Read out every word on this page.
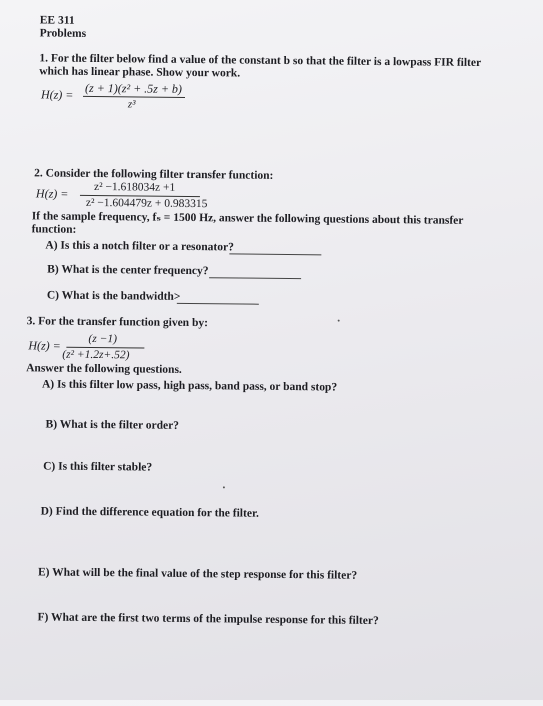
EE 311
Problems
1. For the filter below find a value of the constant b so that the filter is a lowpass FIR filter
which has linear phase. Show your work.
H(z) = (z + 1)(z² + .5z + b)
z³
2. Consider the following filter transfer function:
H(z) = z² −1.618034z +1
z² −1.604479z + 0.983315
If the sample frequency, fₛ = 1500 Hz, answer the following questions about this transfer
function:
A) Is this a notch filter or a resonator?
B) What is the center frequency?
C) What is the bandwidth>
3. For the transfer function given by:
H(z) = (z −1)
(z² +1.2z+.52)
Answer the following questions.
A) Is this filter low pass, high pass, band pass, or band stop?
B) What is the filter order?
C) Is this filter stable?
D) Find the difference equation for the filter.
E) What will be the final value of the step response for this filter?
F) What are the first two terms of the impulse response for this filter?
